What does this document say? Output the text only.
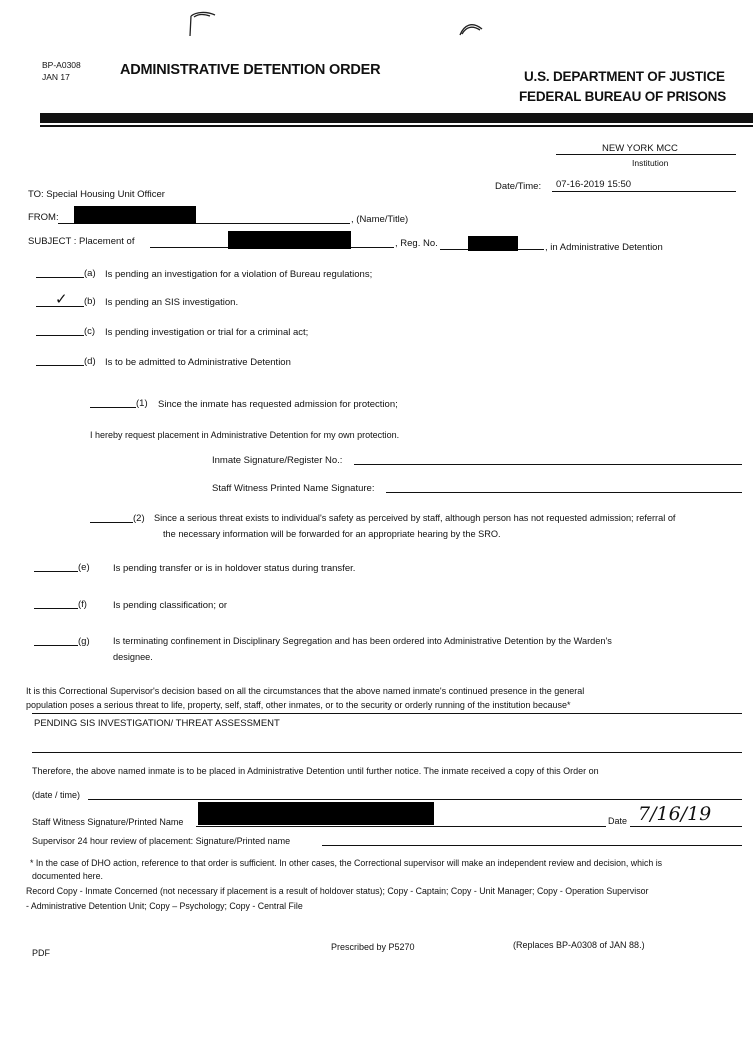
BP-A0308
JAN 17	ADMINISTRATIVE DETENTION ORDER	U.S. DEPARTMENT OF JUSTICE
FEDERAL BUREAU OF PRISONS
NEW YORK MCC
Institution
Date/Time: 07-16-2019 15:50
TO: Special Housing Unit Officer
FROM:	, (Name/Title)
SUBJECT : Placement of	, Reg. No.	, in Administrative Detention
(a) Is pending an investigation for a violation of Bureau regulations;
✓ (b) Is pending an SIS investigation.
(c) Is pending investigation or trial for a criminal act;
(d) Is to be admitted to Administrative Detention
(1) Since the inmate has requested admission for protection;
I hereby request placement in Administrative Detention for my own protection.
Inmate Signature/Register No.:
Staff Witness Printed Name Signature:
(2) Since a serious threat exists to individual's safety as perceived by staff, although person has not requested admission; referral of
the necessary information will be forwarded for an appropriate hearing by the SRO.
(e) Is pending transfer or is in holdover status during transfer.
(f)	Is pending classification; or
(g)	Is terminating confinement in Disciplinary Segregation and has been ordered into Administrative Detention by the Warden's
designee.
It is this Correctional Supervisor's decision based on all the circumstances that the above named inmate's continued presence in the general
population poses a serious threat to life, property, self, staff, other inmates, or to the security or orderly running of the institution because*
PENDING SIS INVESTIGATION/ THREAT ASSESSMENT
Therefore, the above named inmate is to be placed in Administrative Detention until further notice. The inmate received a copy of this Order on
(date / time)
Staff Witness Signature/Printed Name	Date 7/16/19
Supervisor 24 hour review of placement: Signature/Printed name
* In the case of DHO action, reference to that order is sufficient. In other cases, the Correctional supervisor will make an independent review and decision, which is
documented here.
Record Copy - Inmate Concerned (not necessary if placement is a result of holdover status); Copy - Captain; Copy - Unit Manager; Copy - Operation Supervisor
- Administrative Detention Unit; Copy – Psychology; Copy - Central File
PDF
Prescribed by P5270	(Replaces BP-A0308 of JAN 88.)
